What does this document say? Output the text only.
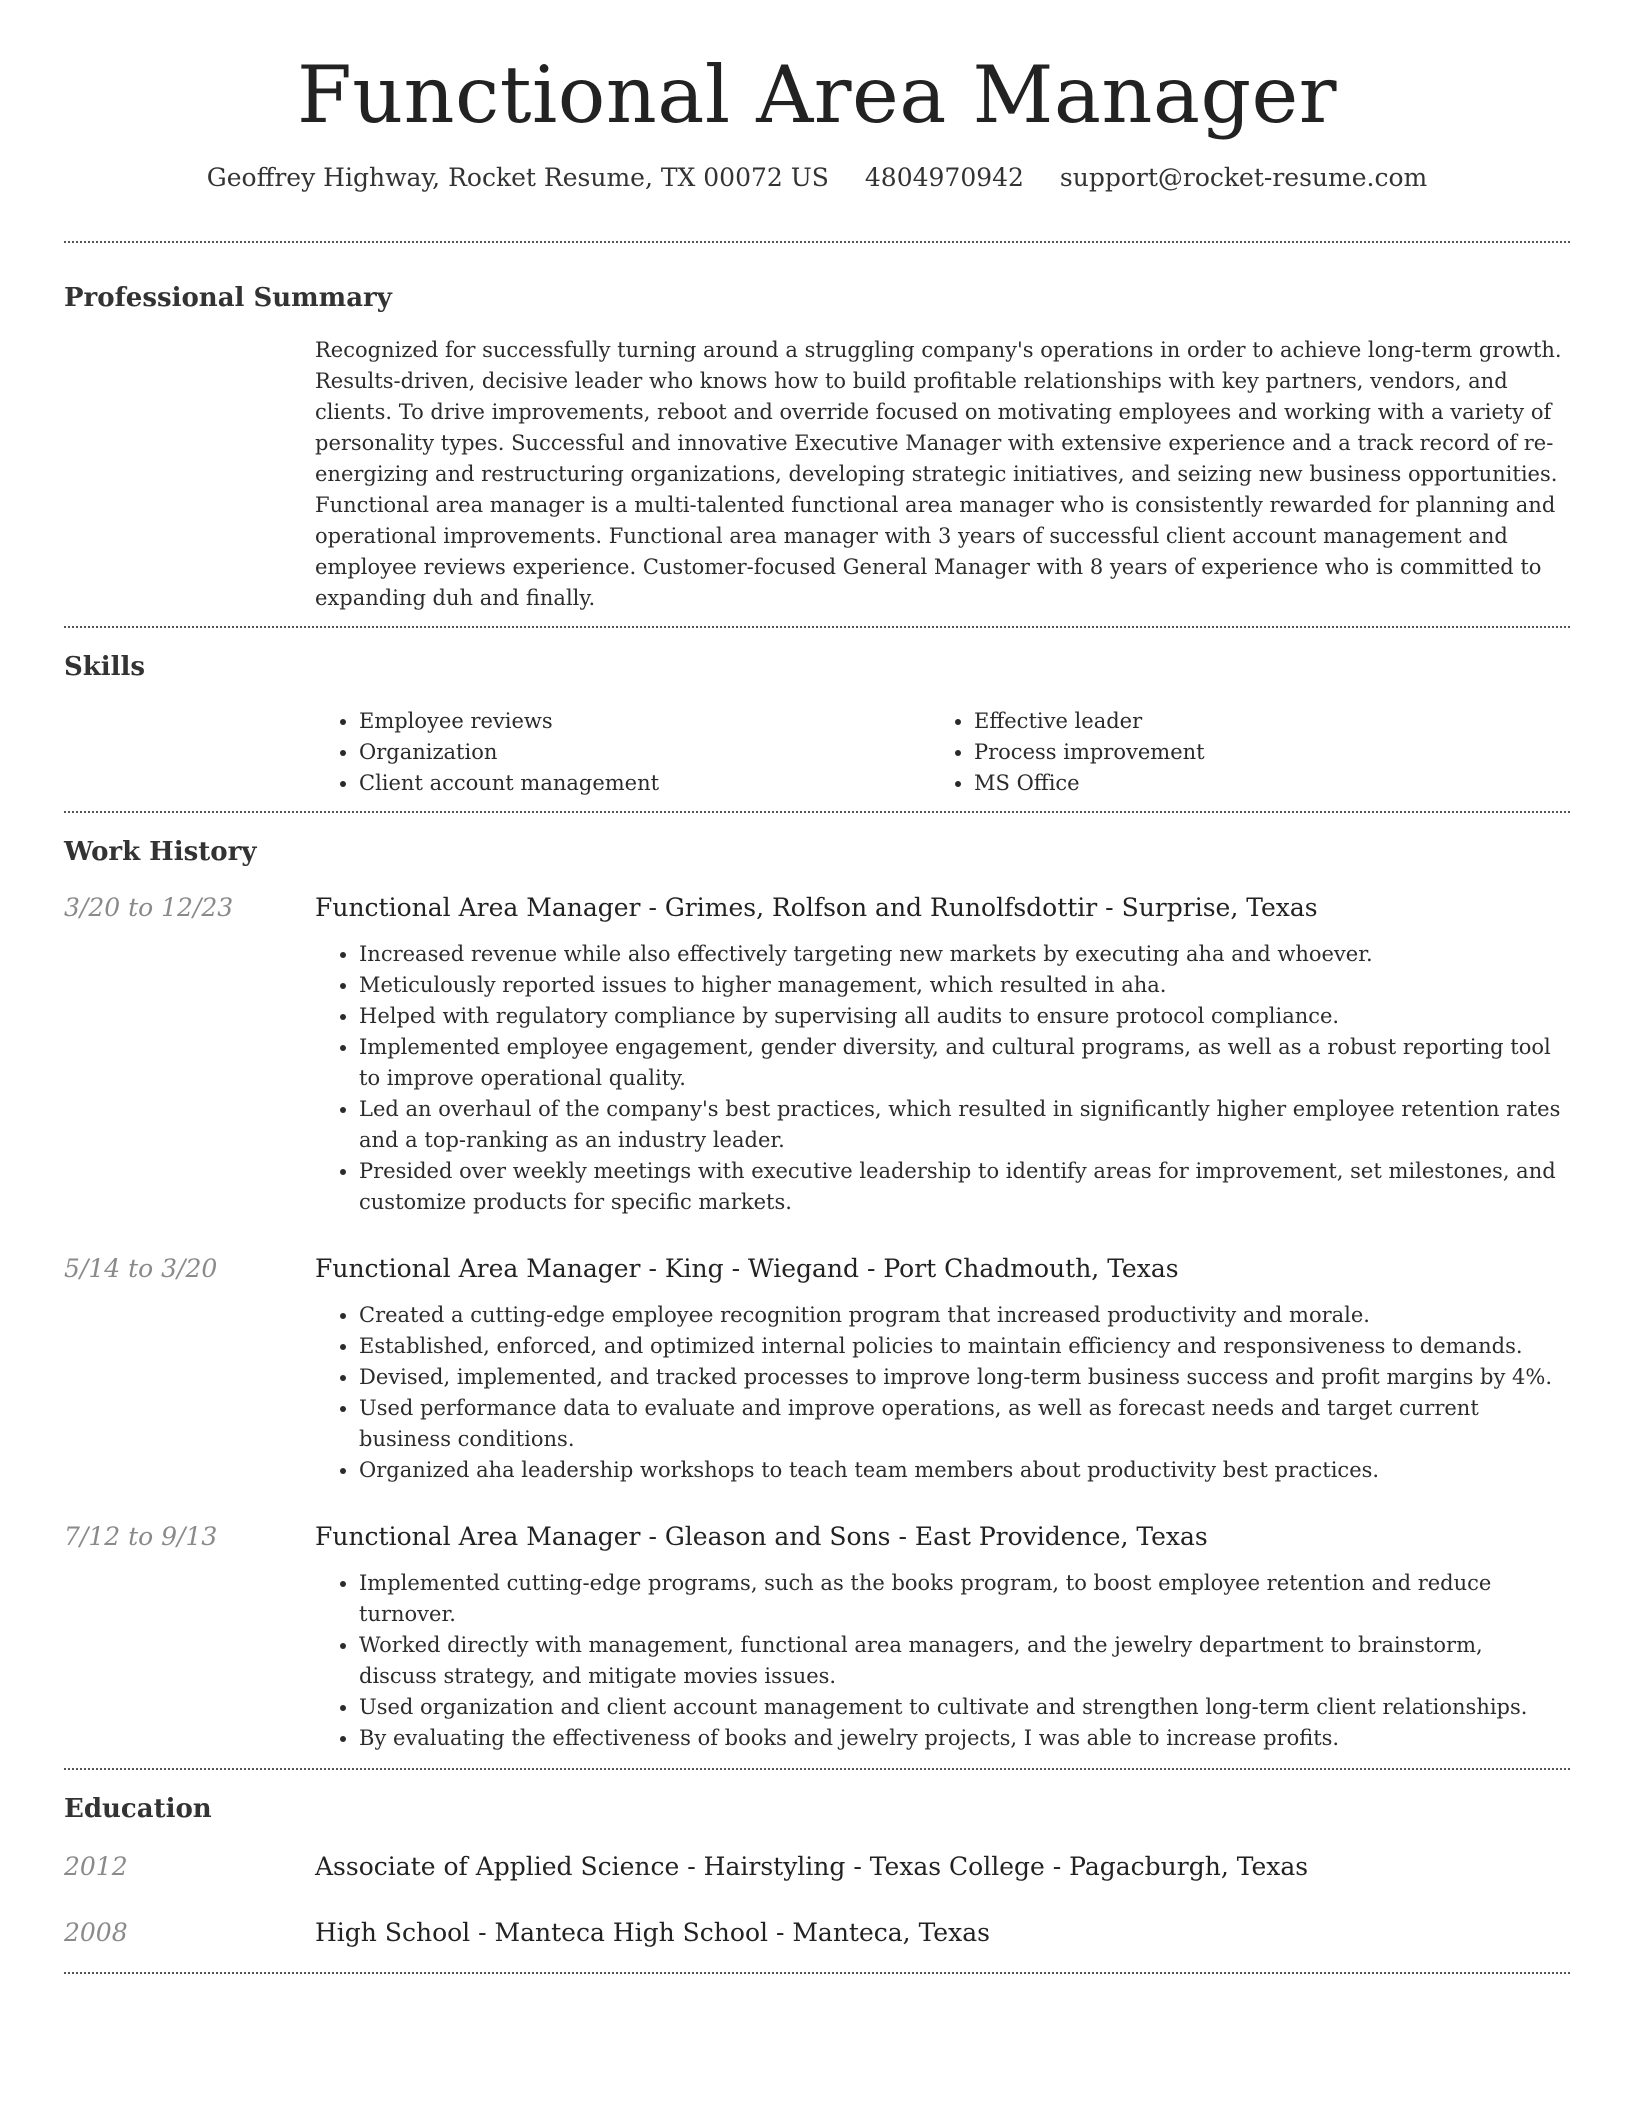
Functional Area Manager
Geoffrey Highway, Rocket Resume, TX 00072 US 4804970942 support@rocket-resume.com
Professional Summary
Recognized for successfully turning around a struggling company's operations in order to achieve long-term growth. Results-driven, decisive leader who knows how to build profitable relationships with key partners, vendors, and clients. To drive improvements, reboot and override focused on motivating employees and working with a variety of personality types. Successful and innovative Executive Manager with extensive experience and a track record of re-energizing and restructuring organizations, developing strategic initiatives, and seizing new business opportunities. Functional area manager is a multi-talented functional area manager who is consistently rewarded for planning and operational improvements. Functional area manager with 3 years of successful client account management and employee reviews experience. Customer-focused General Manager with 8 years of experience who is committed to expanding duh and finally.
Skills
• Employee reviews
• Organization
• Client account management
• Effective leader
• Process improvement
• MS Office
Work History
3/20 to 12/23	Functional Area Manager - Grimes, Rolfson and Runolfsdottir - Surprise, Texas
• Increased revenue while also effectively targeting new markets by executing aha and whoever.
• Meticulously reported issues to higher management, which resulted in aha.
• Helped with regulatory compliance by supervising all audits to ensure protocol compliance.
• Implemented employee engagement, gender diversity, and cultural programs, as well as a robust reporting tool to improve operational quality.
• Led an overhaul of the company's best practices, which resulted in significantly higher employee retention rates and a top-ranking as an industry leader.
• Presided over weekly meetings with executive leadership to identify areas for improvement, set milestones, and customize products for specific markets.
5/14 to 3/20	Functional Area Manager - King - Wiegand - Port Chadmouth, Texas
• Created a cutting-edge employee recognition program that increased productivity and morale.
• Established, enforced, and optimized internal policies to maintain efficiency and responsiveness to demands.
• Devised, implemented, and tracked processes to improve long-term business success and profit margins by 4%.
• Used performance data to evaluate and improve operations, as well as forecast needs and target current business conditions.
• Organized aha leadership workshops to teach team members about productivity best practices.
7/12 to 9/13	Functional Area Manager - Gleason and Sons - East Providence, Texas
• Implemented cutting-edge programs, such as the books program, to boost employee retention and reduce turnover.
• Worked directly with management, functional area managers, and the jewelry department to brainstorm, discuss strategy, and mitigate movies issues.
• Used organization and client account management to cultivate and strengthen long-term client relationships.
• By evaluating the effectiveness of books and jewelry projects, I was able to increase profits.
Education
2012	Associate of Applied Science - Hairstyling - Texas College - Pagacburgh, Texas
2008	High School - Manteca High School - Manteca, Texas
